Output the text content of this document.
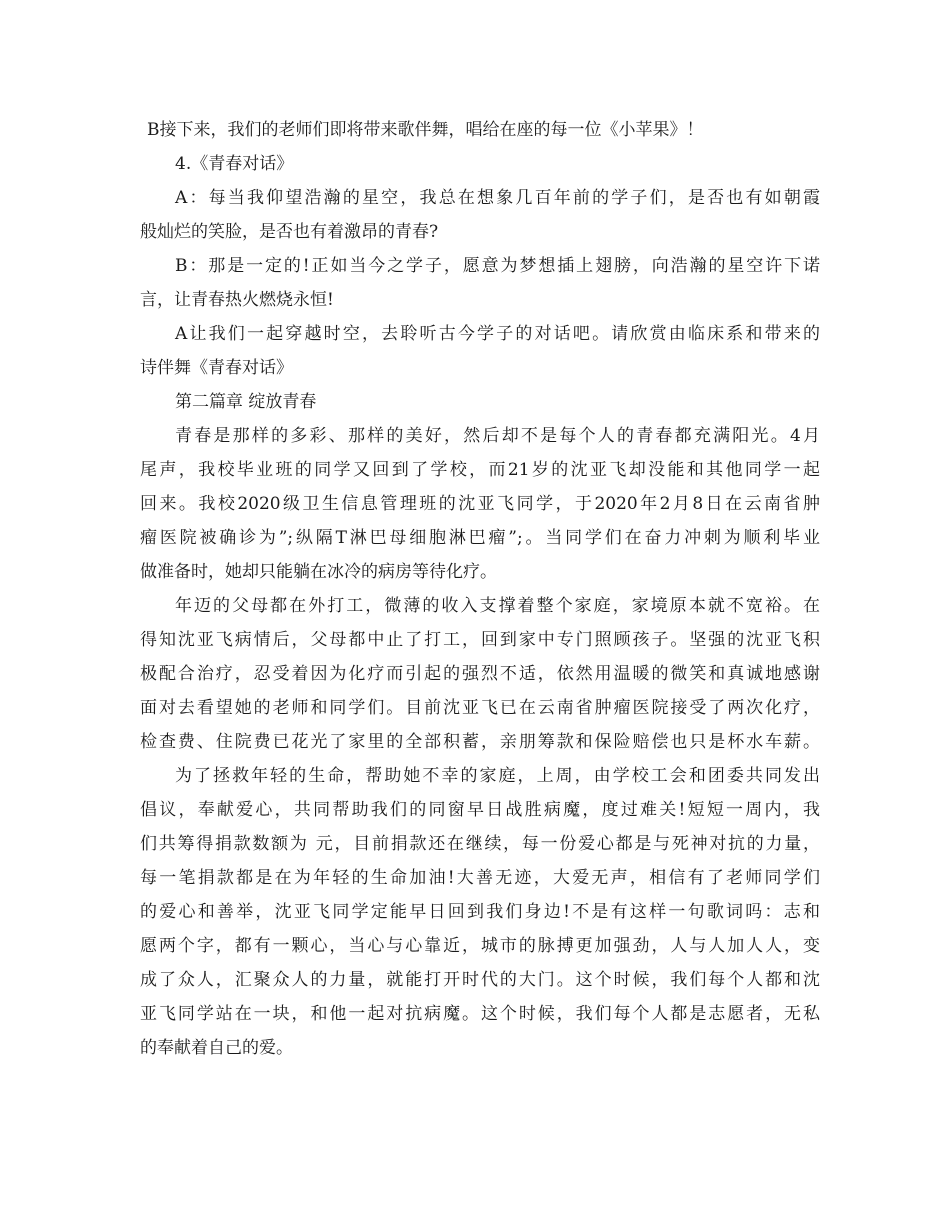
B接下来，我们的老师们即将带来歌伴舞，唱给在座的每一位《小苹果》！
4.《青春对话》
A：每当我仰望浩瀚的星空，我总在想象几百年前的学子们，是否也有如朝霞
般灿烂的笑脸，是否也有着激昂的青春?
B：那是一定的!正如当今之学子，愿意为梦想插上翅膀，向浩瀚的星空许下诺
言，让青春热火燃烧永恒!
A让我们一起穿越时空，去聆听古今学子的对话吧。请欣赏由临床系和带来的
诗伴舞《青春对话》
第二篇章 绽放青春
青春是那样的多彩、那样的美好，然后却不是每个人的青春都充满阳光。4月
尾声，我校毕业班的同学又回到了学校，而21岁的沈亚飞却没能和其他同学一起
回来。我校2020级卫生信息管理班的沈亚飞同学，于2020年2月8日在云南省肿
瘤医院被确诊为”;纵隔T淋巴母细胞淋巴瘤”;。当同学们在奋力冲刺为顺利毕业
做准备时，她却只能躺在冰冷的病房等待化疗。
年迈的父母都在外打工，微薄的收入支撑着整个家庭，家境原本就不宽裕。在
得知沈亚飞病情后，父母都中止了打工，回到家中专门照顾孩子。坚强的沈亚飞积
极配合治疗，忍受着因为化疗而引起的强烈不适，依然用温暖的微笑和真诚地感谢
面对去看望她的老师和同学们。目前沈亚飞已在云南省肿瘤医院接受了两次化疗，
检查费、住院费已花光了家里的全部积蓄，亲朋筹款和保险赔偿也只是杯水车薪。
为了拯救年轻的生命，帮助她不幸的家庭，上周，由学校工会和团委共同发出
倡议，奉献爱心，共同帮助我们的同窗早日战胜病魔，度过难关!短短一周内，我
们共筹得捐款数额为 元，目前捐款还在继续，每一份爱心都是与死神对抗的力量，
每一笔捐款都是在为年轻的生命加油!大善无迹，大爱无声，相信有了老师同学们
的爱心和善举，沈亚飞同学定能早日回到我们身边!不是有这样一句歌词吗：志和
愿两个字，都有一颗心，当心与心靠近，城市的脉搏更加强劲，人与人加人人，变
成了众人，汇聚众人的力量，就能打开时代的大门。这个时候，我们每个人都和沈
亚飞同学站在一块，和他一起对抗病魔。这个时候，我们每个人都是志愿者，无私
的奉献着自己的爱。
